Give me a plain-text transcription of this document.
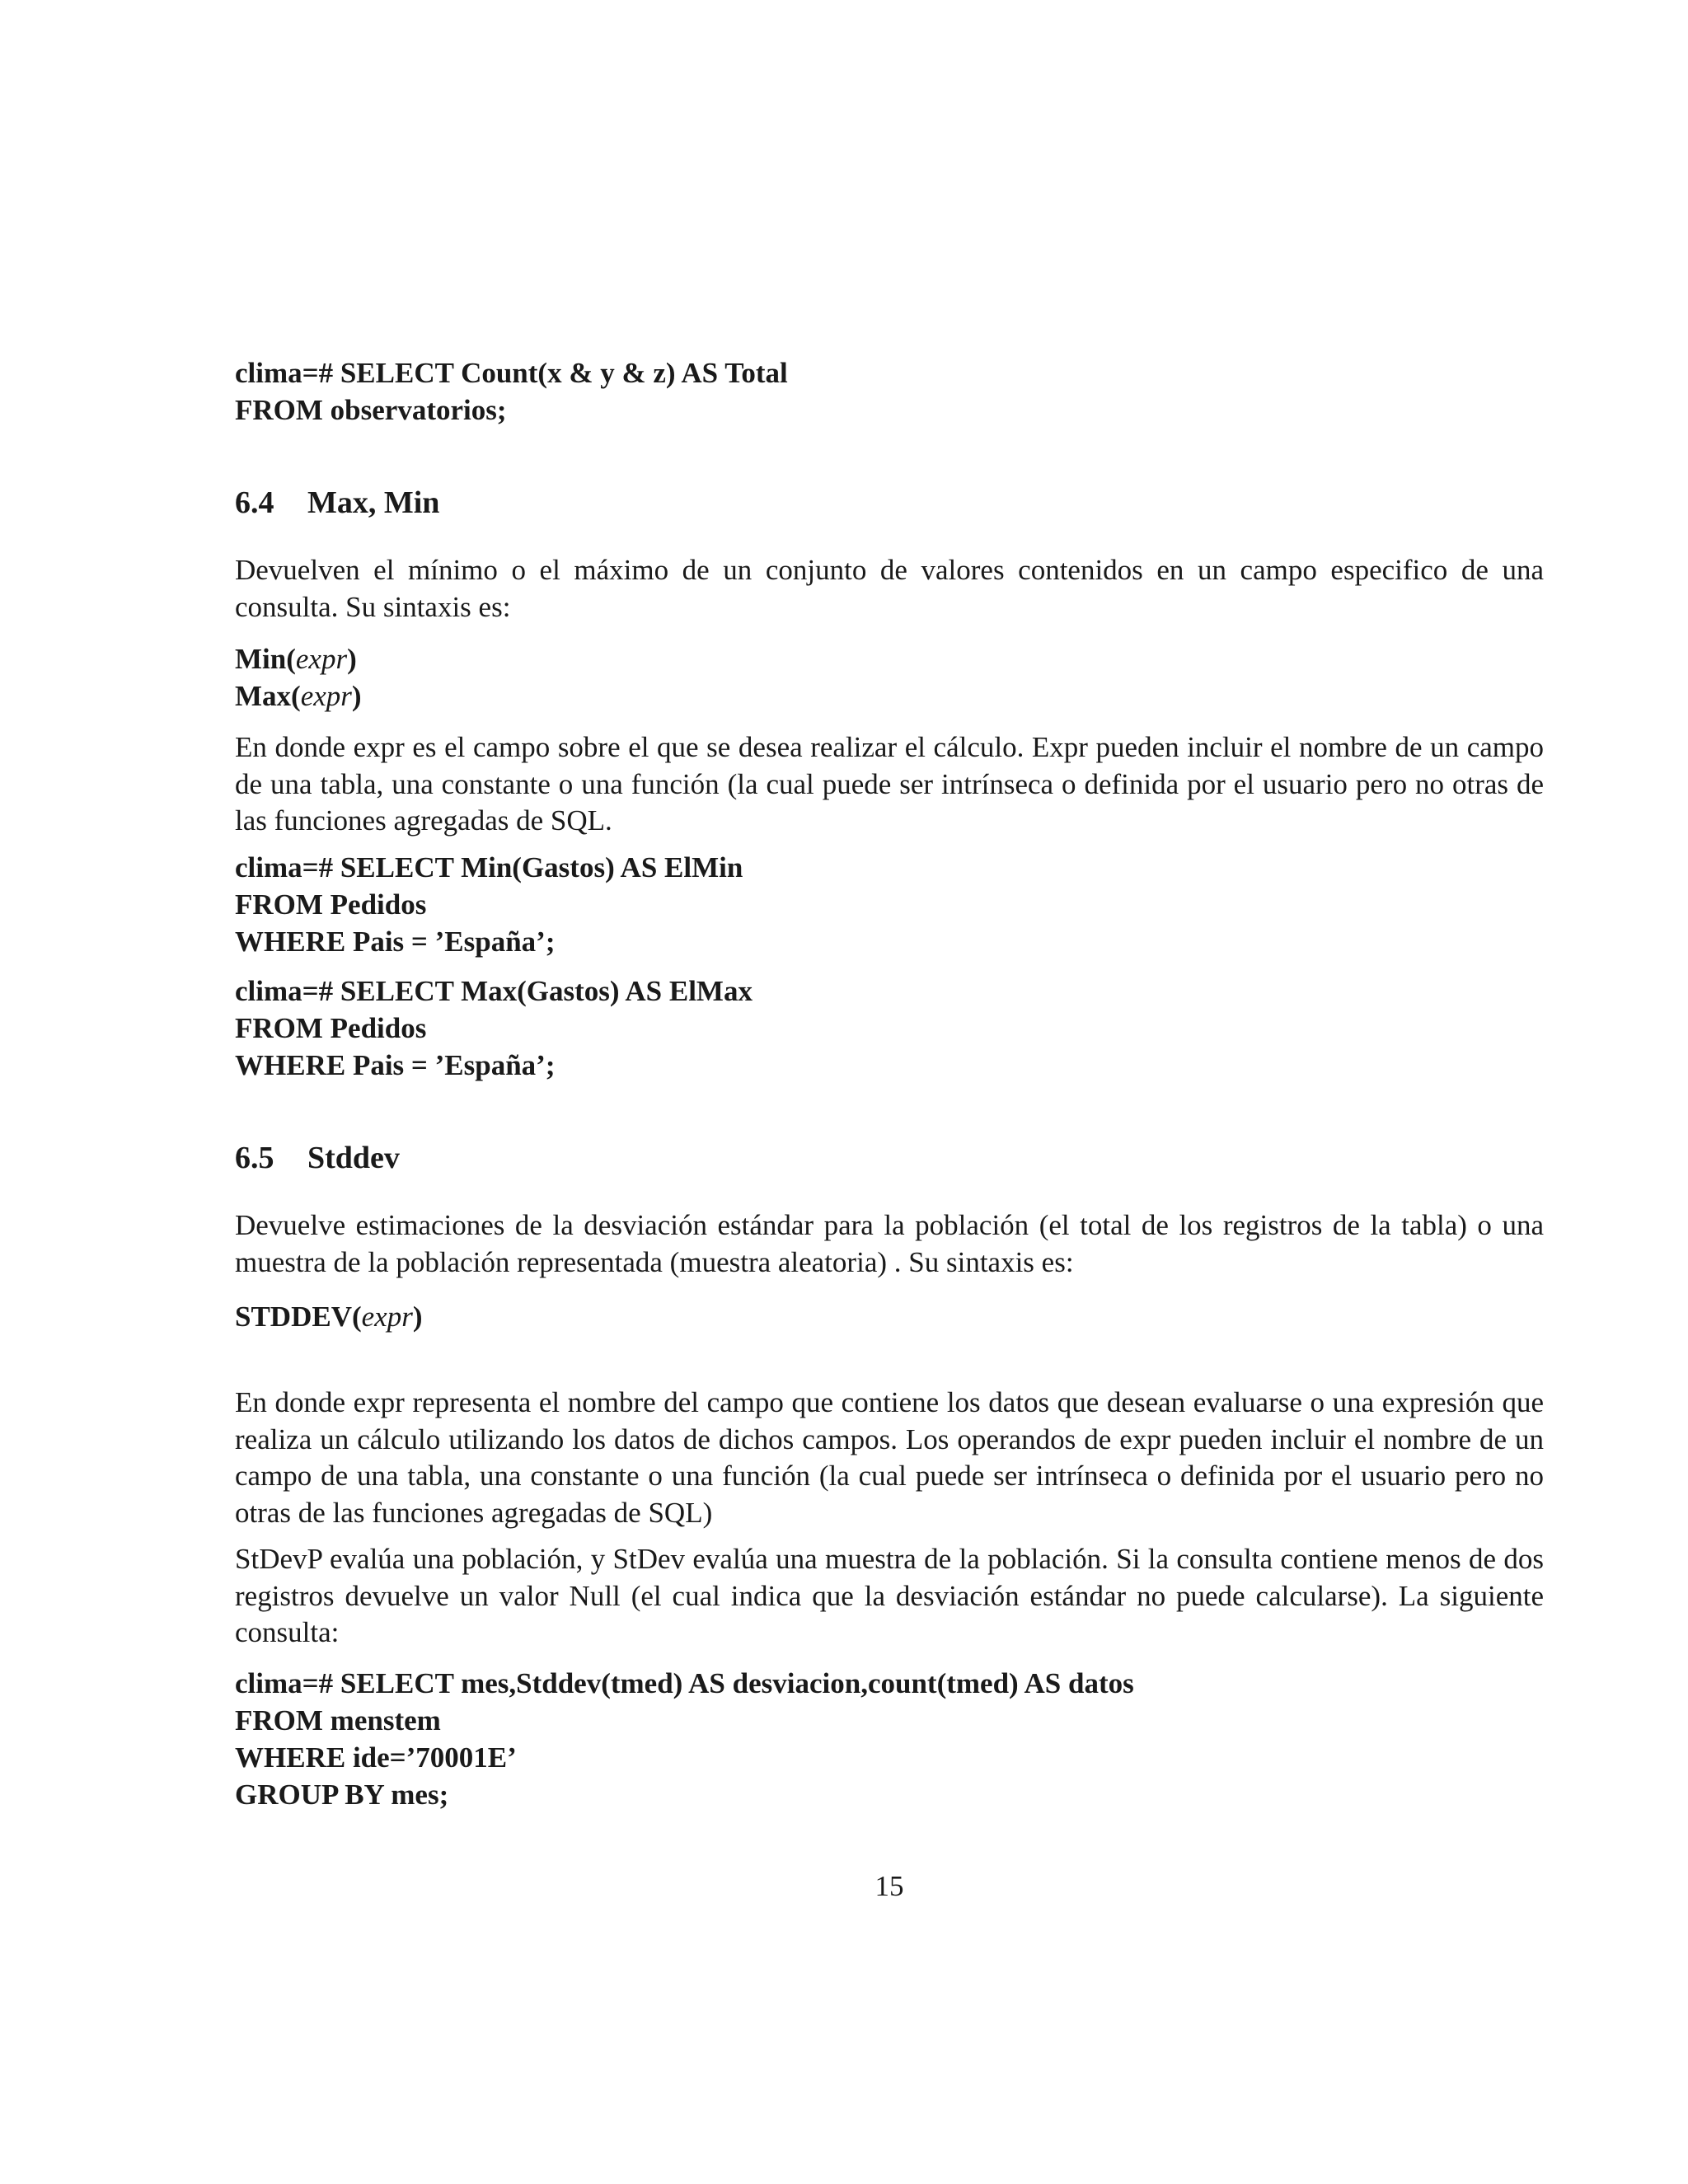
clima=# SELECT Count(x & y & z) AS Total
FROM observatorios;
6.4 Max, Min

Devuelven el mínimo o el máximo de un conjunto de valores contenidos en un campo especifico de una consulta. Su sintaxis es:

Min(expr)
Max(expr)

En donde expr es el campo sobre el que se desea realizar el cálculo. Expr pueden incluir el nombre de un campo de una tabla, una constante o una función (la cual puede ser intrínseca o definida por el usuario pero no otras de las funciones agregadas de SQL.

clima=# SELECT Min(Gastos) AS ElMin
FROM Pedidos
WHERE Pais = ’España’;
clima=# SELECT Max(Gastos) AS ElMax
FROM Pedidos
WHERE Pais = ’España’;
6.5 Stddev

Devuelve estimaciones de la desviación estándar para la población (el total de los registros de la tabla) o una muestra de la población representada (muestra aleatoria) . Su sintaxis es:

STDDEV(expr)

En donde expr representa el nombre del campo que contiene los datos que desean evaluarse o una expresión que realiza un cálculo utilizando los datos de dichos campos. Los operandos de expr pueden incluir el nombre de un campo de una tabla, una constante o una función (la cual puede ser intrínseca o definida por el usuario pero no otras de las funciones agregadas de SQL)

StDevP evalúa una población, y StDev evalúa una muestra de la población. Si la consulta contiene menos de dos registros devuelve un valor Null (el cual indica que la desviación estándar no puede calcularse). La siguiente consulta:

clima=# SELECT mes,Stddev(tmed) AS desviacion,count(tmed) AS datos
FROM menstem
WHERE ide=’70001E’
GROUP BY mes;
15
